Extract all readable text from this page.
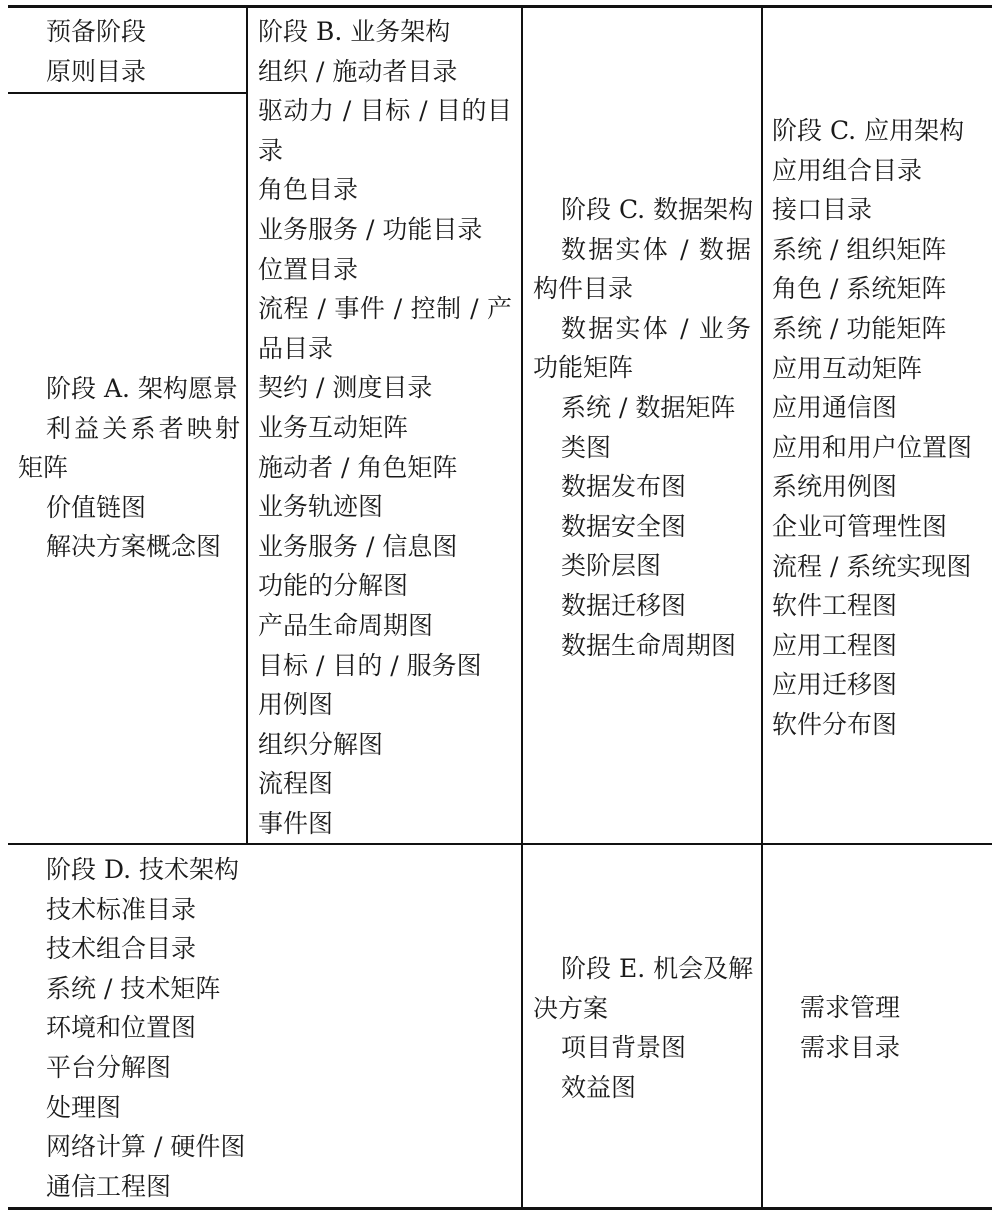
预备阶段
原则目录
阶段 A. 架构愿景
利益关系者映射
矩阵
价值链图
解决方案概念图
阶段 B. 业务架构
组织 / 施动者目录
驱动力 / 目标 / 目的目
录
角色目录
业务服务 / 功能目录
位置目录
流程 / 事件 / 控制 / 产
品目录
契约 / 测度目录
业务互动矩阵
施动者 / 角色矩阵
业务轨迹图
业务服务 / 信息图
功能的分解图
产品生命周期图
目标 / 目的 / 服务图
用例图
组织分解图
流程图
事件图
阶段 C. 数据架构
数据实体 / 数据
构件目录
数据实体 / 业务
功能矩阵
系统 / 数据矩阵
类图
数据发布图
数据安全图
类阶层图
数据迁移图
数据生命周期图
阶段 C. 应用架构
应用组合目录
接口目录
系统 / 组织矩阵
角色 / 系统矩阵
系统 / 功能矩阵
应用互动矩阵
应用通信图
应用和用户位置图
系统用例图
企业可管理性图
流程 / 系统实现图
软件工程图
应用工程图
应用迁移图
软件分布图
阶段 D. 技术架构
技术标准目录
技术组合目录
系统 / 技术矩阵
环境和位置图
平台分解图
处理图
网络计算 / 硬件图
通信工程图
阶段 E. 机会及解
决方案
项目背景图
效益图
需求管理
需求目录
